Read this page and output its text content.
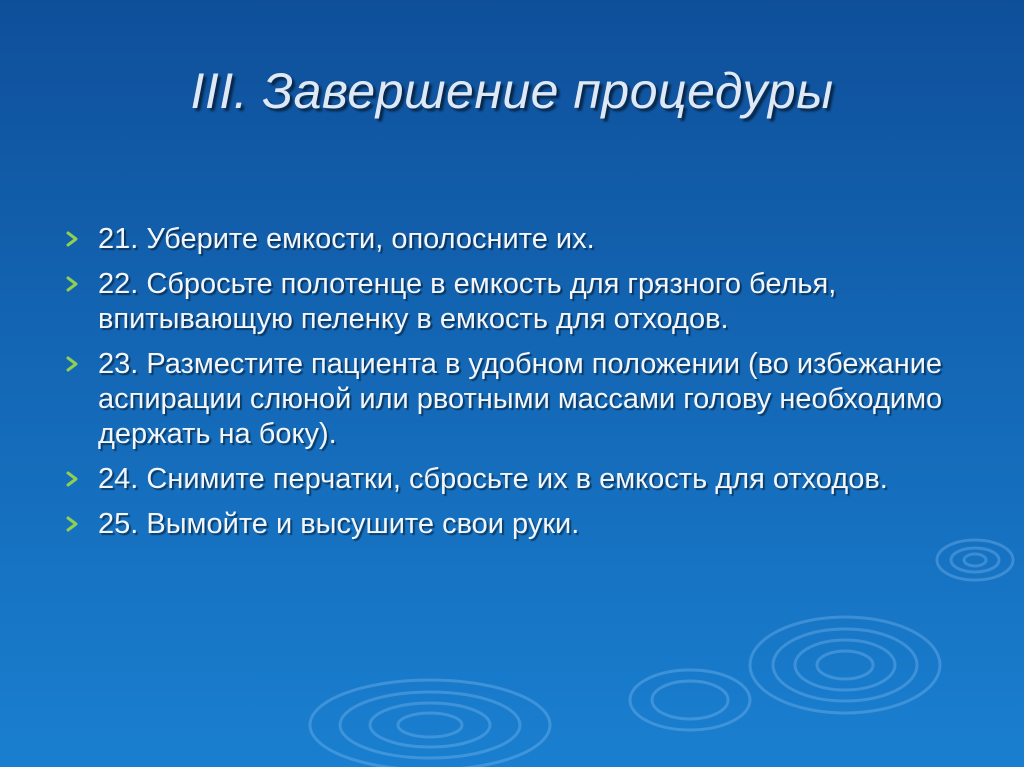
III. Завершение процедуры
21. Уберите емкости, ополосните их.
22. Сбросьте полотенце в емкость для грязного белья, впитывающую пеленку в емкость для отходов.
23. Разместите пациента в удобном положении (во избежание аспирации слюной или рвотными массами голову необходимо держать на боку).
24. Снимите перчатки, сбросьте их в емкость для отходов.
25. Вымойте и высушите свои руки.
